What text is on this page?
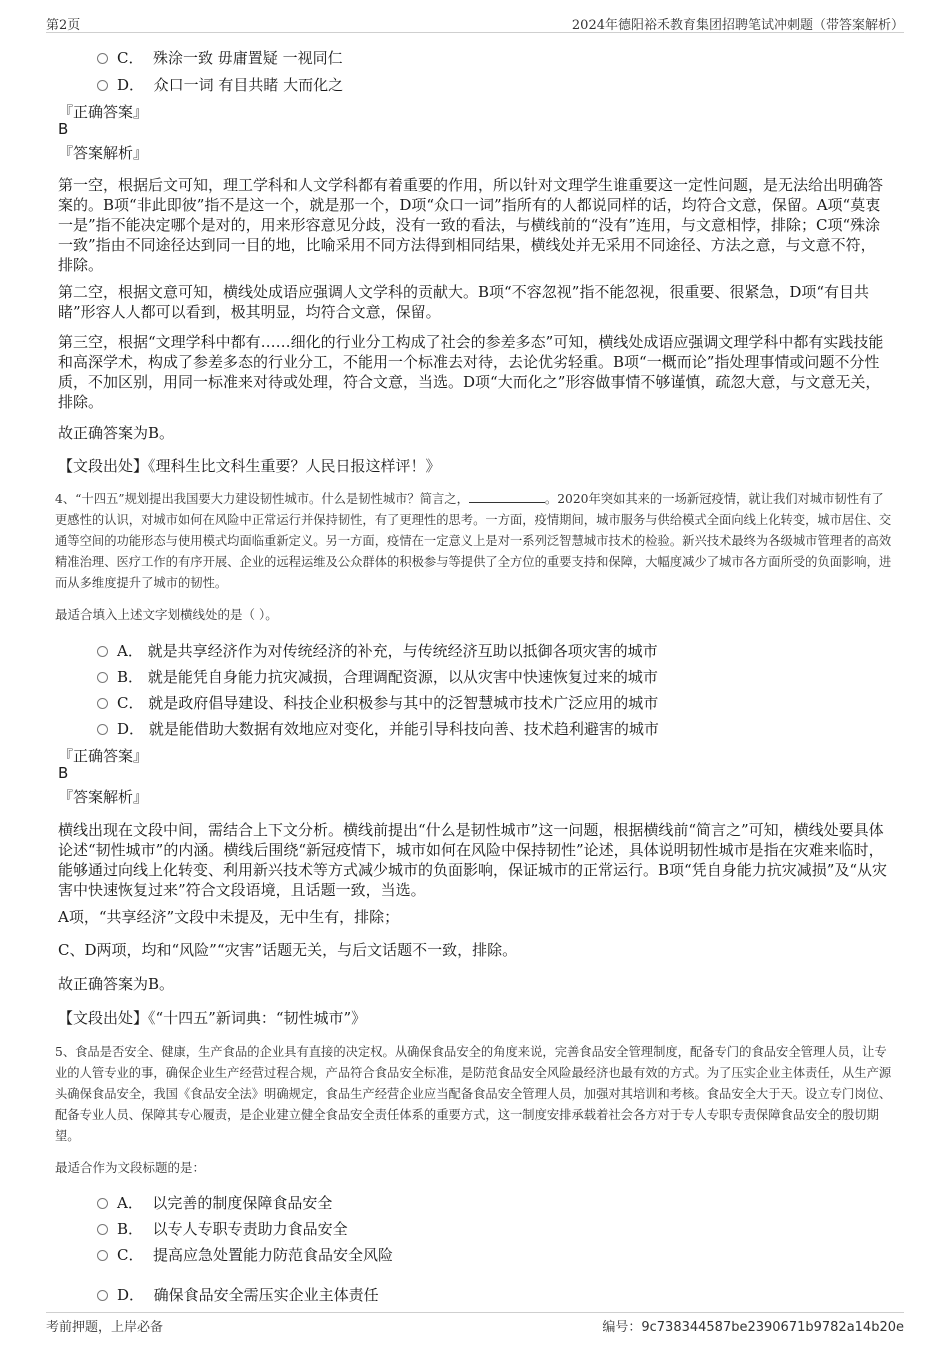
第2页	2024年德阳裕禾教育集团招聘笔试冲刺题（带答案解析）
C． 殊涂一致 毋庸置疑 一视同仁
D． 众口一词 有目共睹 大而化之
『正确答案』
B
『答案解析』
第一空，根据后文可知，理工学科和人文学科都有着重要的作用，所以针对文理学生谁重要这一定性问题，是无法给出明确答案的。B项“非此即彼”指不是这一个，就是那一个，D项“众口一词”指所有的人都说同样的话，均符合文意，保留。A项“莫衷一是”指不能决定哪个是对的，用来形容意见分歧，没有一致的看法，与横线前的“没有”连用，与文意相悖，排除；C项“殊涂一致”指由不同途径达到同一目的地，比喻采用不同方法得到相同结果，横线处并无采用不同途径、方法之意，与文意不符，排除。
第二空，根据文意可知，横线处成语应强调人文学科的贡献大。B项“不容忽视”指不能忽视，很重要、很紧急，D项“有目共睹”形容人人都可以看到，极其明显，均符合文意，保留。
第三空，根据“文理学科中都有……细化的行业分工构成了社会的参差多态”可知，横线处成语应强调文理学科中都有实践技能和高深学术，构成了参差多态的行业分工，不能用一个标准去对待，去论优劣轻重。B项“一概而论”指处理事情或问题不分性质，不加区别，用同一标准来对待或处理，符合文意，当选。D项“大而化之”形容做事情不够谨慎，疏忽大意，与文意无关，排除。
故正确答案为B。
【文段出处】《理科生比文科生重要？人民日报这样评！》
4、“十四五”规划提出我国要大力建设韧性城市。什么是韧性城市？简言之，	。2020年突如其来的一场新冠疫情，就让我们对城市韧性有了更感性的认识，对城市如何在风险中正常运行并保持韧性，有了更理性的思考。一方面，疫情期间，城市服务与供给模式全面向线上化转变，城市居住、交通等空间的功能形态与使用模式均面临重新定义。另一方面，疫情在一定意义上是对一系列泛智慧城市技术的检验。新兴技术最终为各级城市管理者的高效精准治理、医疗工作的有序开展、企业的远程运维及公众群体的积极参与等提供了全方位的重要支持和保障，大幅度减少了城市各方面所受的负面影响，进而从多维度提升了城市的韧性。
最适合填入上述文字划横线处的是（ ）。
A． 就是共享经济作为对传统经济的补充，与传统经济互助以抵御各项灾害的城市
B． 就是能凭自身能力抗灾减损，合理调配资源，以从灾害中快速恢复过来的城市
C． 就是政府倡导建设、科技企业积极参与其中的泛智慧城市技术广泛应用的城市
D． 就是能借助大数据有效地应对变化，并能引导科技向善、技术趋利避害的城市
『正确答案』
B
『答案解析』
横线出现在文段中间，需结合上下文分析。横线前提出“什么是韧性城市”这一问题，根据横线前“简言之”可知，横线处要具体论述“韧性城市”的内涵。横线后围绕“新冠疫情下，城市如何在风险中保持韧性”论述，具体说明韧性城市是指在灾难来临时，能够通过向线上化转变、利用新兴技术等方式减少城市的负面影响，保证城市的正常运行。B项“凭自身能力抗灾减损”及“从灾害中快速恢复过来”符合文段语境，且话题一致，当选。
A项，“共享经济”文段中未提及，无中生有，排除；
C、D两项，均和“风险”“灾害”话题无关，与后文话题不一致，排除。
故正确答案为B。
【文段出处】《“十四五”新词典：“韧性城市”》
5、食品是否安全、健康，生产食品的企业具有直接的决定权。从确保食品安全的角度来说，完善食品安全管理制度，配备专门的食品安全管理人员，让专业的人管专业的事，确保企业生产经营过程合规，产品符合食品安全标准，是防范食品安全风险最经济也最有效的方式。为了压实企业主体责任，从生产源头确保食品安全，我国《食品安全法》明确规定，食品生产经营企业应当配备食品安全管理人员，加强对其培训和考核。食品安全大于天。设立专门岗位、配备专业人员、保障其专心履责，是企业建立健全食品安全责任体系的重要方式，这一制度安排承载着社会各方对于专人专职专责保障食品安全的殷切期望。
最适合作为文段标题的是：
A． 以完善的制度保障食品安全
B． 以专人专职专责助力食品安全
C． 提高应急处置能力防范食品安全风险
D． 确保食品安全需压实企业主体责任
考前押题，上岸必备	编号：9c738344587be2390671b9782a14b20e
